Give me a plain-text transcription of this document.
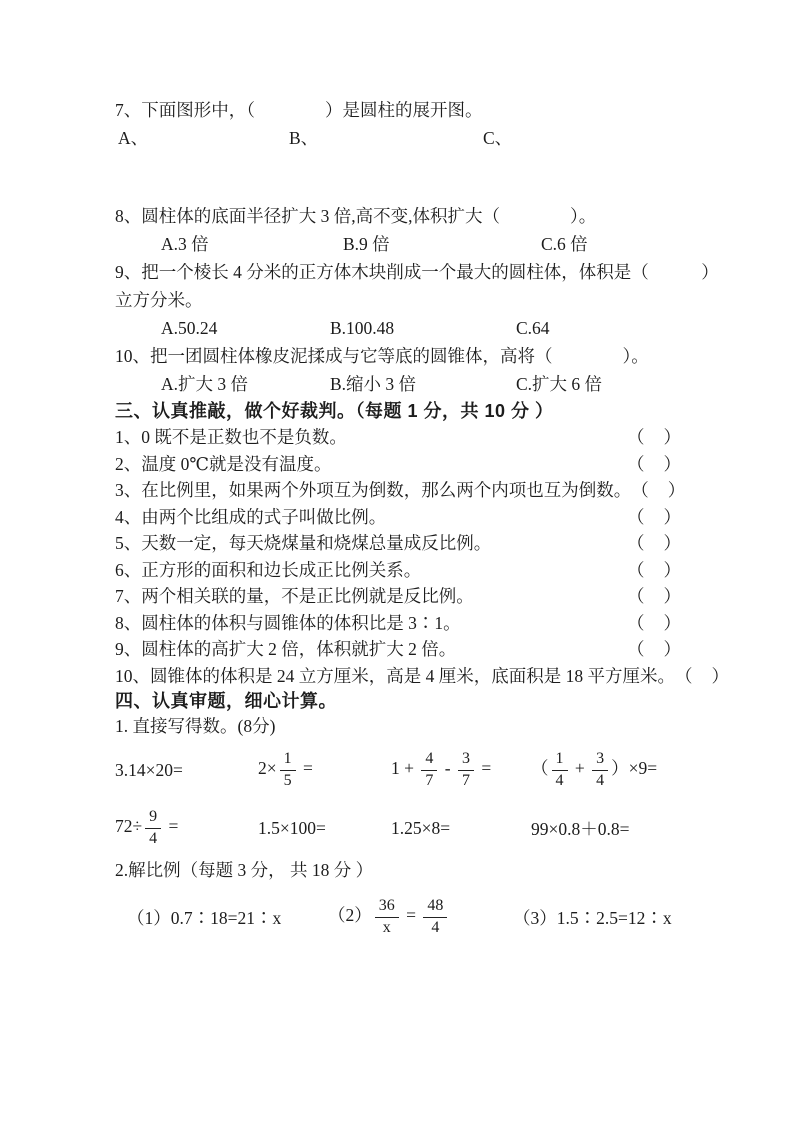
7、下面图形中，（　　　　）是圆柱的展开图。
A、	B、	C、
8、圆柱体的底面半径扩大 3 倍,高不变,体积扩大（　　　　）。
A.3 倍	B.9 倍	C.6 倍
9、把一个棱长 4 分米的正方体木块削成一个最大的圆柱体，体积是（　　　）
立方分米。
A.50.24	B.100.48	C.64
10、把一团圆柱体橡皮泥揉成与它等底的圆锥体，高将（　　　　）。
A.扩大 3 倍	B.缩小 3 倍	C.扩大 6 倍
三、认真推敲，做个好裁判。（每题 1 分，共 10 分 ）
1、0 既不是正数也不是负数。	（ ）
2、温度 0℃就是没有温度。	（ ）
3、在比例里，如果两个外项互为倒数，那么两个内项也互为倒数。 （ ）
4、由两个比组成的式子叫做比例。	（ ）
5、天数一定，每天烧煤量和烧煤总量成反比例。	（ ）
6、正方形的面积和边长成正比例关系。	（ ）
7、两个相关联的量，不是正比例就是反比例。	（ ）
8、圆柱体的体积与圆锥体的体积比是 3∶1。	（ ）
9、圆柱体的高扩大 2 倍，体积就扩大 2 倍。	（ ）
10、圆锥体的体积是 24 立方厘米，高是 4 厘米，底面积是 18 平方厘米。 （ ）
四、认真审题，细心计算。
1. 直接写得数。(8分)
3.14×20=	$2\times \frac{1}{5}$ =	$1 + \frac{4}{7} - \frac{3}{7}$ =	（ $\frac{1}{4} + \frac{3}{4} )\times 9=$
$72\div \frac{9}{4}$ =	1.5×100=	1.25×8=	99×0.8＋0.8=
2.解比例（每题 3 分， 共 18 分 ）
（1）0.7∶18=21∶x	$(2) \frac{36}{x} = \frac{48}{4}$	（3）1.5∶2.5=12∶x
